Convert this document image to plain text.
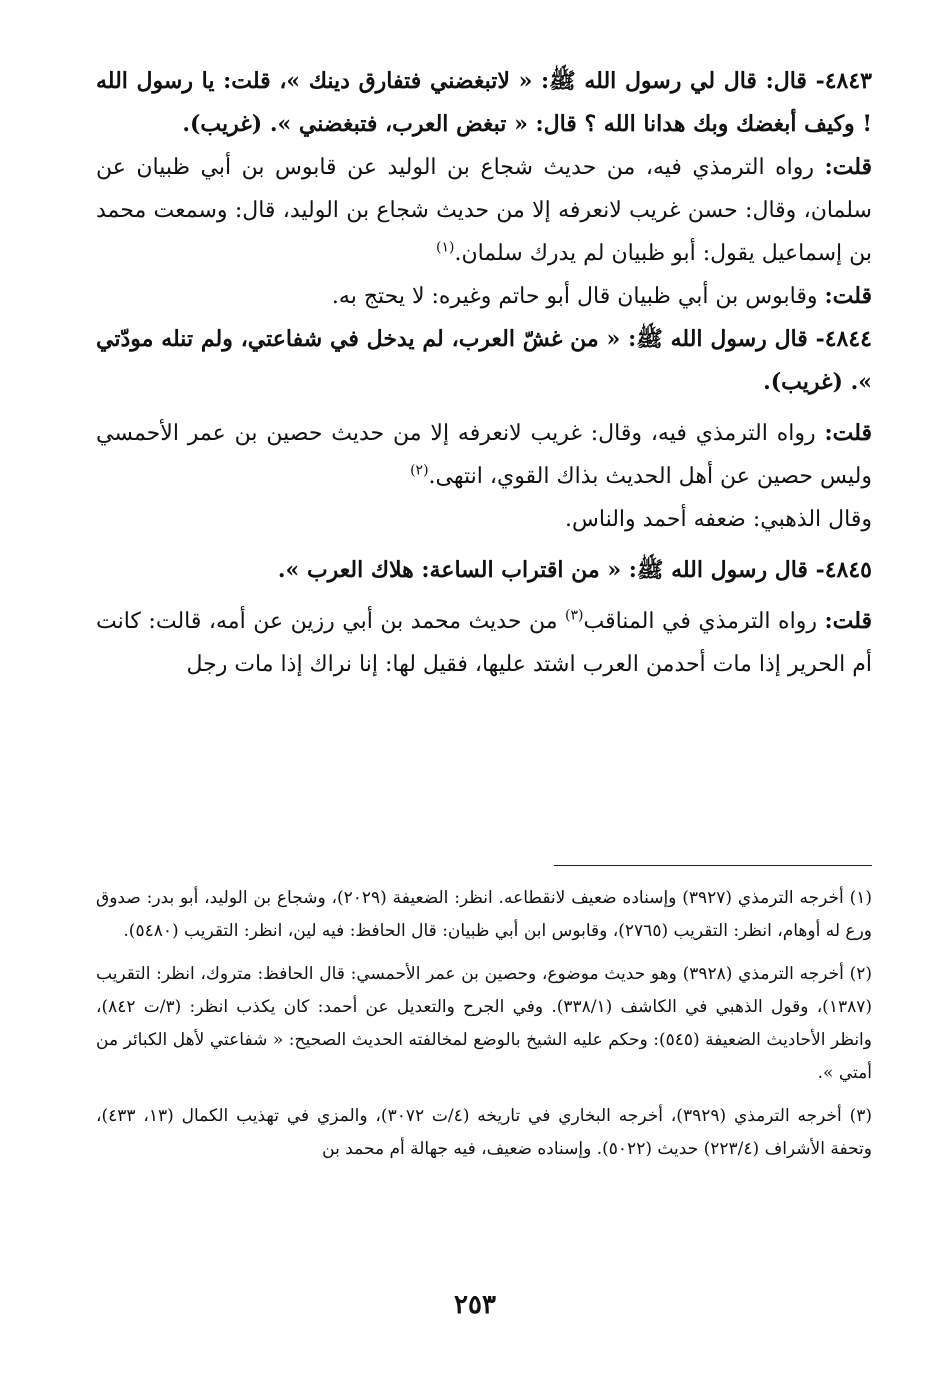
٤٨٤٣- قال: قال لي رسول الله ﷺ: « لاتبغضني فتفارق دينك »، قلت: يا رسول الله ! وكيف أبغضك وبك هدانا الله ؟ قال: « تبغض العرب، فتبغضني ». (غريب).

قلت: رواه الترمذي فيه، من حديث شجاع بن الوليد عن قابوس بن أبي ظبيان عن سلمان، وقال: حسن غريب لانعرفه إلا من حديث شجاع بن الوليد، قال: وسمعت محمد بن إسماعيل يقول: أبو ظبيان لم يدرك سلمان.$^{(١)}$

قلت: وقابوس بن أبي ظبيان قال أبو حاتم وغيره: لا يحتج به.

٤٨٤٤- قال رسول الله ﷺ: « من غشّ العرب، لم يدخل في شفاعتي، ولم تنله مودّتي ». (غريب).

قلت: رواه الترمذي فيه، وقال: غريب لانعرفه إلا من حديث حصين بن عمر الأحمسي وليس حصين عن أهل الحديث بذاك القوي، انتهى.$^{(٢)}$

وقال الذهبي: ضعفه أحمد والناس.

٤٨٤٥- قال رسول الله ﷺ: « من اقتراب الساعة: هلاك العرب ».

قلت: رواه الترمذي في المناقب$^{(٣)}$ من حديث محمد بن أبي رزين عن أمه، قالت: كانت أم الحرير إذا مات أحدمن العرب اشتد عليها، فقيل لها: إنا نراك إذا مات رجل

(١) أخرجه الترمذي (٣٩٢٧) وإسناده ضعيف لانقطاعه. انظر: الضعيفة (٢٠٢٩)، وشجاع بن الوليد، أبو بدر: صدوق ورع له أوهام، انظر: التقريب (٢٧٦٥)، وقابوس ابن أبي ظبيان: قال الحافظ: فيه لين، انظر: التقريب (٥٤٨٠).

(٢) أخرجه الترمذي (٣٩٢٨) وهو حديث موضوع، وحصين بن عمر الأحمسي: قال الحافظ: متروك، انظر: التقريب (١٣٨٧)، وقول الذهبي في الكاشف (٣٣٨/١). وفي الجرح والتعديل عن أحمد: كان يكذب انظر: (٣/ت ٨٤٢)، وانظر الأحاديث الضعيفة (٥٤٥): وحكم عليه الشيخ بالوضع لمخالفته الحديث الصحيح: « شفاعتي لأهل الكبائر من أمتي ».

(٣) أخرجه الترمذي (٣٩٢٩)، أخرجه البخاري في تاريخه (٤/ت ٣٠٧٢)، والمزي في تهذيب الكمال (١٣، ٤٣٣)، وتحفة الأشراف (٢٢٣/٤) حديث (٥٠٢٢). وإسناده ضعيف، فيه جهالة أم محمد بن

٢٥٣
